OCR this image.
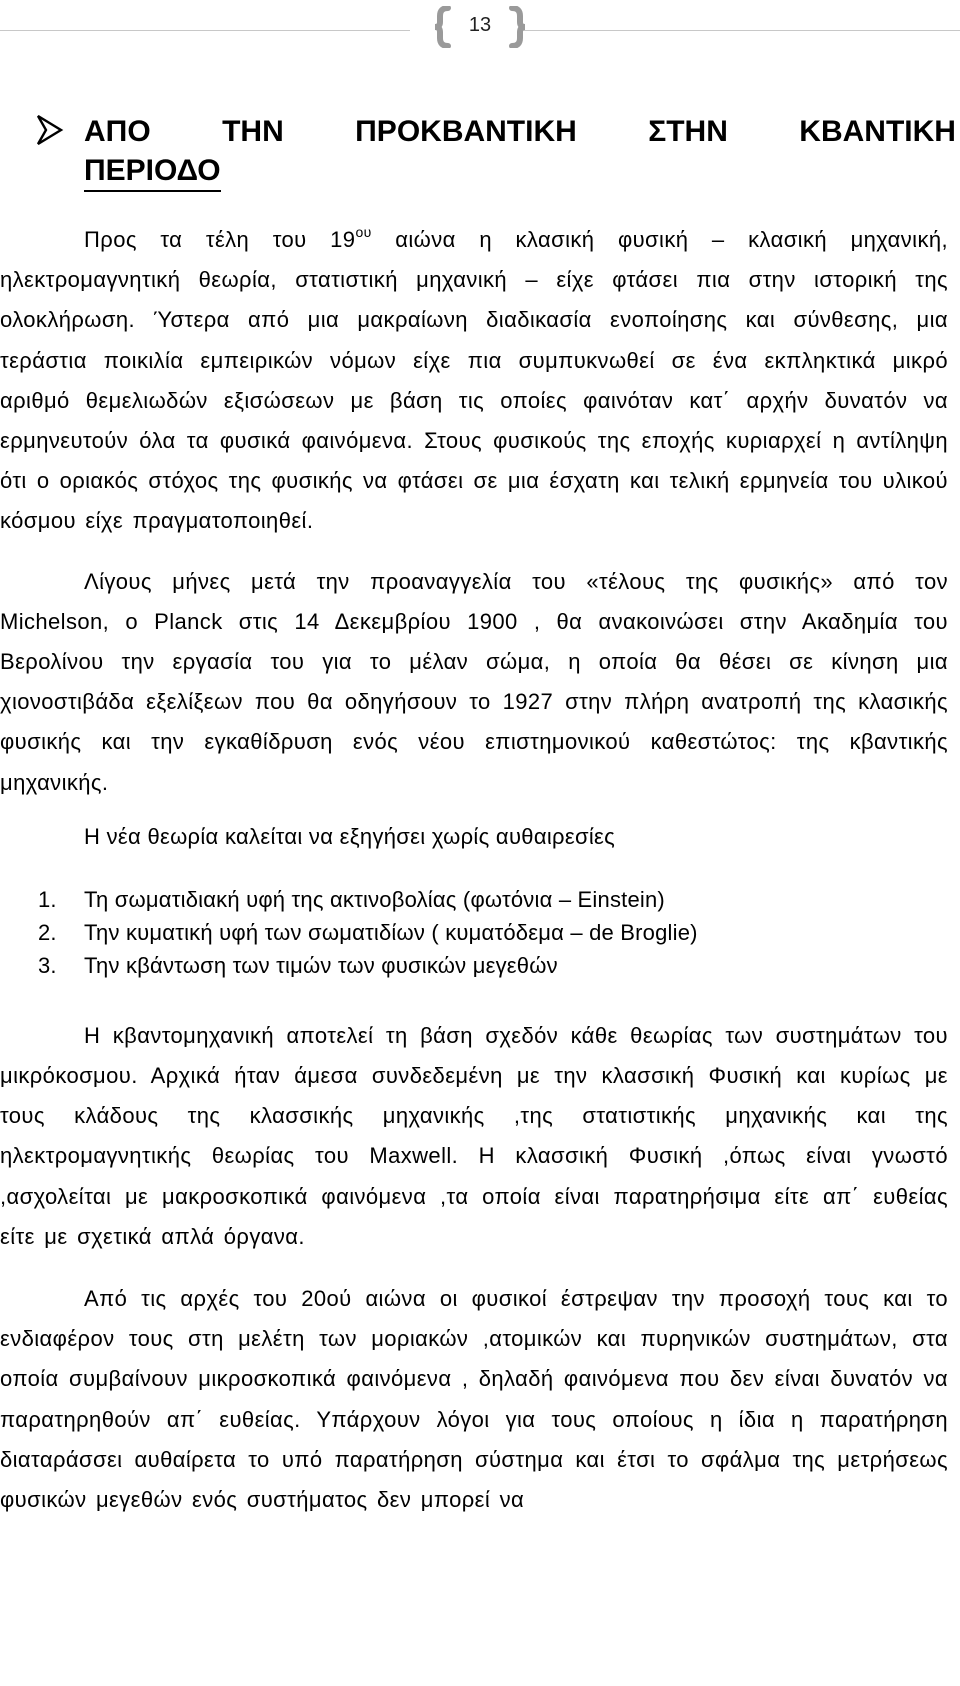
13
ΑΠΟ ΤΗΝ ΠΡΟΚΒΑΝΤΙΚΗ ΣΤΗΝ ΚΒΑΝΤΙΚΗ
ΠΕΡΙΟΔΟ

Προς τα τέλη του $19^{o\upsilon}$ αιώνα η κλασική φυσική – κλασική μηχανική, ηλεκτρομαγνητική θεωρία, στατιστική μηχανική – είχε φτάσει πια στην ιστορική της ολοκλήρωση. Ύστερα από μια μακραίωνη διαδικασία ενοποίησης και σύνθεσης, μια τεράστια ποικιλία εμπειρικών νόμων είχε πια συμπυκνωθεί σε ένα εκπληκτικά μικρό αριθμό θεμελιωδών εξισώσεων με βάση τις οποίες φαινόταν κατ΄ αρχήν δυνατόν να ερμηνευτούν όλα τα φυσικά φαινόμενα. Στους φυσικούς της εποχής κυριαρχεί η αντίληψη ότι ο οριακός στόχος της φυσικής να φτάσει σε μια έσχατη και τελική ερμηνεία του υλικού κόσμου είχε πραγματοποιηθεί.

Λίγους μήνες μετά την προαναγγελία του «τέλους της φυσικής» από τον Michelson, ο Planck στις 14 Δεκεμβρίου 1900 , θα ανακοινώσει στην Ακαδημία του Βερολίνου την εργασία του για το μέλαν σώμα, η οποία θα θέσει σε κίνηση μια χιονοστιβάδα εξελίξεων που θα οδηγήσουν το 1927 στην πλήρη ανατροπή της κλασικής φυσικής και την εγκαθίδρυση ενός νέου επιστημονικού καθεστώτος: της κβαντικής μηχανικής.

Η νέα θεωρία καλείται να εξηγήσει χωρίς αυθαιρεσίες
1. Τη σωματιδιακή υφή της ακτινοβολίας (φωτόνια – Einstein)
2. Την κυματική υφή των σωματιδίων ( κυματόδεμα – de Broglie)
3. Την κβάντωση των τιμών των φυσικών μεγεθών

Η κβαντομηχανική αποτελεί τη βάση σχεδόν κάθε θεωρίας των συστημάτων του μικρόκοσμου. Αρχικά ήταν άμεσα συνδεδεμένη με την κλασσική Φυσική και κυρίως με τους κλάδους της κλασσικής μηχανικής ,της στατιστικής μηχανικής και της ηλεκτρομαγνητικής θεωρίας του Maxwell. Η κλασσική Φυσική ,όπως είναι γνωστό ,ασχολείται με μακροσκοπικά φαινόμενα ,τα οποία είναι παρατηρήσιμα είτε απ΄ ευθείας είτε με σχετικά απλά όργανα.

Από τις αρχές του 20ού αιώνα οι φυσικοί έστρεψαν την προσοχή τους και το ενδιαφέρον τους στη μελέτη των μοριακών ,ατομικών και πυρηνικών συστημάτων, στα οποία συμβαίνουν μικροσκοπικά φαινόμενα , δηλαδή φαινόμενα που δεν είναι δυνατόν να παρατηρηθούν απ΄ ευθείας. Υπάρχουν λόγοι για τους οποίους η ίδια η παρατήρηση διαταράσσει αυθαίρετα το υπό παρατήρηση σύστημα και έτσι το σφάλμα της μετρήσεως φυσικών μεγεθών ενός συστήματος δεν μπορεί να
